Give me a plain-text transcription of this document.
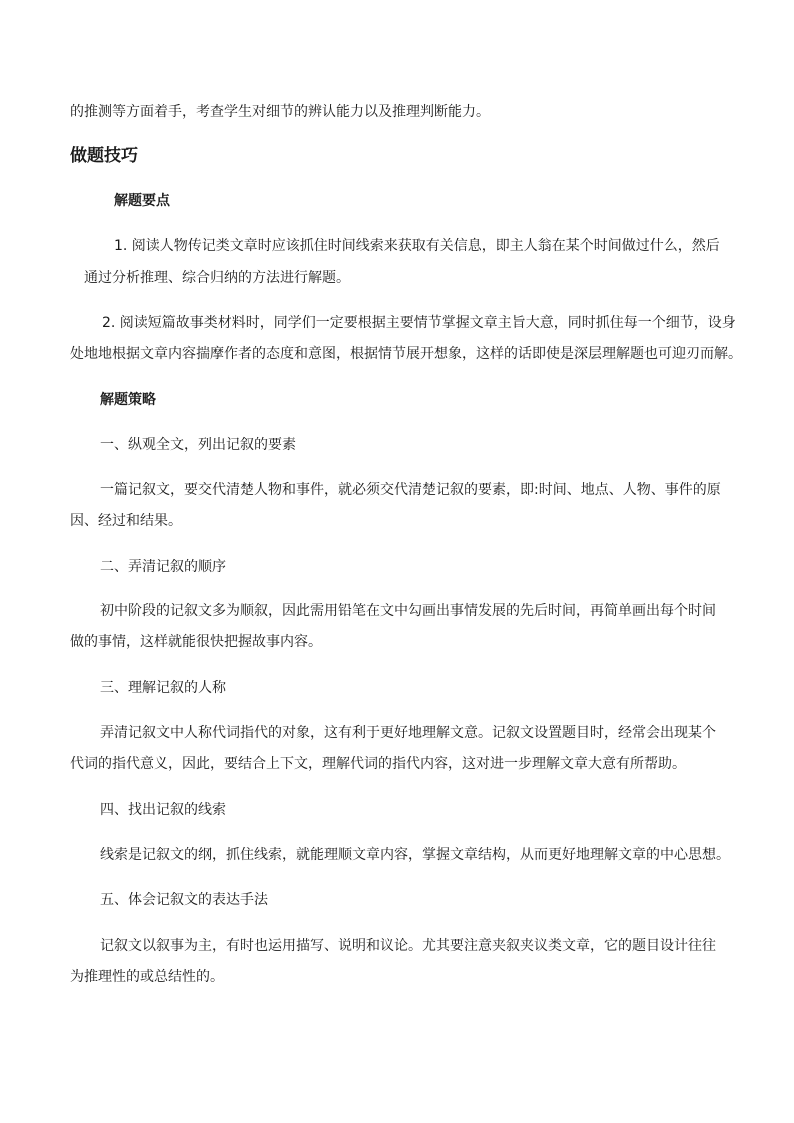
的推测等方面着手，考查学生对细节的辨认能力以及推理判断能力。
做题技巧
解题要点
1. 阅读人物传记类文章时应该抓住时间线索来获取有关信息，即主人翁在某个时间做过什么，然后
通过分析推理、综合归纳的方法进行解题。
2. 阅读短篇故事类材料时，同学们一定要根据主要情节掌握文章主旨大意，同时抓住每一个细节，设身
处地地根据文章内容揣摩作者的态度和意图，根据情节展开想象，这样的话即使是深层理解题也可迎刃而解。
解题策略
一、纵观全文，列出记叙的要素
一篇记叙文，要交代清楚人物和事件，就必须交代清楚记叙的要素，即:时间、地点、人物、事件的原
因、经过和结果。
二、弄清记叙的顺序
初中阶段的记叙文多为顺叙，因此需用铅笔在文中勾画出事情发展的先后时间，再简单画出每个时间
做的事情，这样就能很快把握故事内容。
三、理解记叙的人称
弄清记叙文中人称代词指代的对象，这有利于更好地理解文意。记叙文设置题目时，经常会出现某个
代词的指代意义，因此，要结合上下文，理解代词的指代内容，这对进一步理解文章大意有所帮助。
四、找出记叙的线索
线索是记叙文的纲，抓住线索，就能理顺文章内容，掌握文章结构，从而更好地理解文章的中心思想。
五、体会记叙文的表达手法
记叙文以叙事为主，有时也运用描写、说明和议论。尤其要注意夹叙夹议类文章，它的题目设计往往
为推理性的或总结性的。
